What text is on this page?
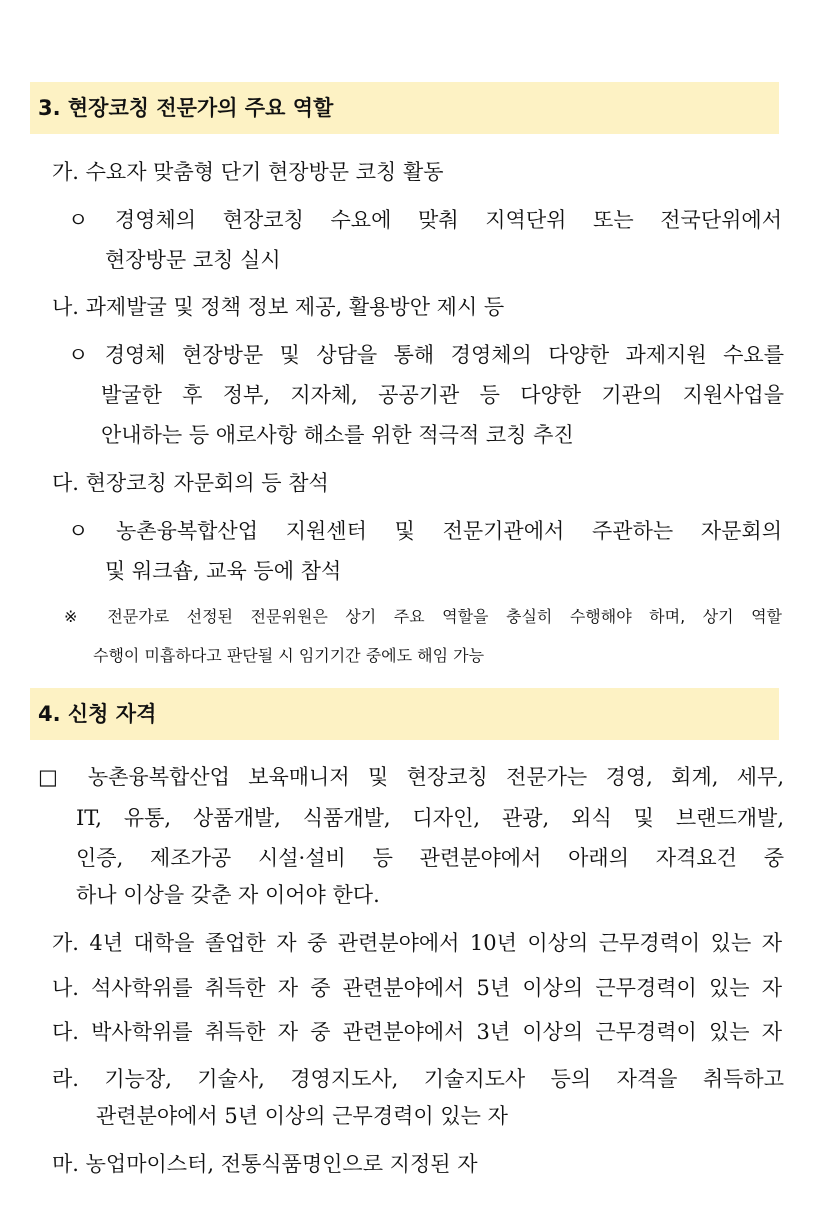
3. 현장코칭 전문가의 주요 역할
가. 수요자 맞춤형 단기 현장방문 코칭 활동
ㅇ 경영체의 현장코칭 수요에 맞춰 지역단위 또는 전국단위에서
현장방문 코칭 실시
나. 과제발굴 및 정책 정보 제공, 활용방안 제시 등
ㅇ 경영체 현장방문 및 상담을 통해 경영체의 다양한 과제지원 수요를
발굴한 후 정부, 지자체, 공공기관 등 다양한 기관의 지원사업을
안내하는 등 애로사항 해소를 위한 적극적 코칭 추진
다. 현장코칭 자문회의 등 참석
ㅇ 농촌융복합산업 지원센터 및 전문기관에서 주관하는 자문회의
및 워크숍, 교육 등에 참석
※ 전문가로 선정된 전문위원은 상기 주요 역할을 충실히 수행해야 하며, 상기 역할
수행이 미흡하다고 판단될 시 임기기간 중에도 해임 가능
4. 신청 자격
□ 농촌융복합산업 보육매니저 및 현장코칭 전문가는 경영, 회계, 세무,
IT, 유통, 상품개발, 식품개발, 디자인, 관광, 외식 및 브랜드개발,
인증, 제조가공 시설·설비 등 관련분야에서 아래의 자격요건 중
하나 이상을 갖춘 자 이어야 한다.
가. 4년 대학을 졸업한 자 중 관련분야에서 10년 이상의 근무경력이 있는 자
나. 석사학위를 취득한 자 중 관련분야에서 5년 이상의 근무경력이 있는 자
다. 박사학위를 취득한 자 중 관련분야에서 3년 이상의 근무경력이 있는 자
라. 기능장, 기술사, 경영지도사, 기술지도사 등의 자격을 취득하고
관련분야에서 5년 이상의 근무경력이 있는 자
마. 농업마이스터, 전통식품명인으로 지정된 자
